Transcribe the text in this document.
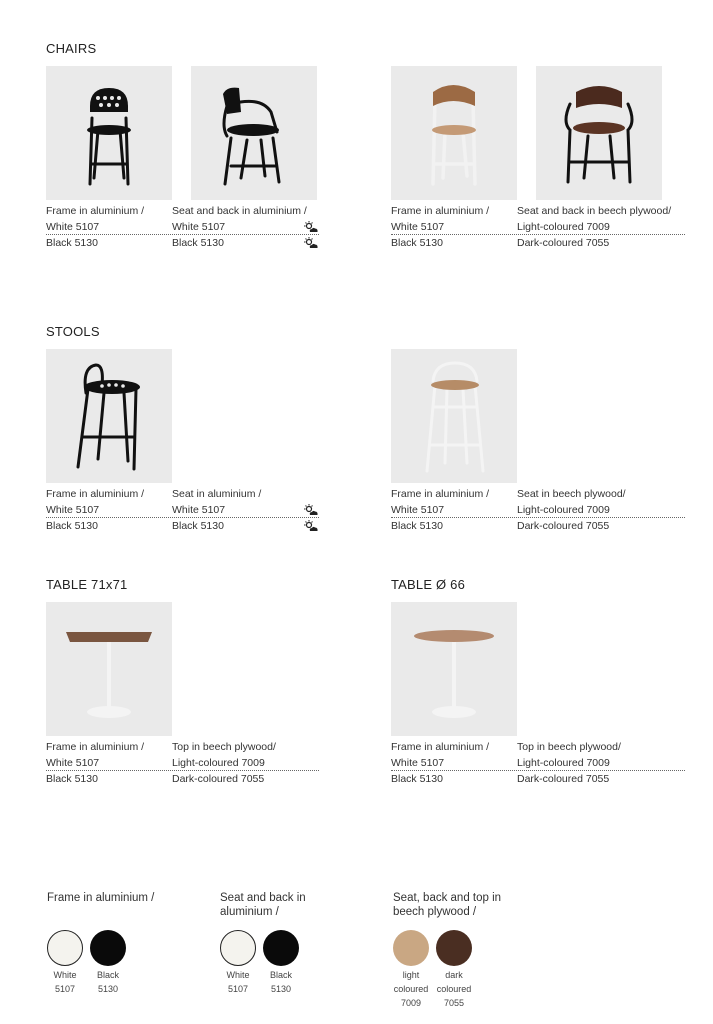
CHAIRS
Frame in aluminium /
White 5107
Black 5130
Seat and back in aluminium /
White 5107
Black 5130
Frame in aluminium /
White 5107
Black 5130
Seat and back in beech plywood/
Light-coloured 7009
Dark-coloured 7055
STOOLS
Frame in aluminium /
White 5107
Black 5130
Seat in aluminium /
White 5107
Black 5130
Frame in aluminium /
White 5107
Black 5130
Seat in beech plywood/
Light-coloured 7009
Dark-coloured 7055
TABLE 71x71	TABLE Ø 66
Frame in aluminium /
White 5107
Black 5130
Top in beech plywood/
Light-coloured 7009
Dark-coloured 7055
Frame in aluminium /
White 5107
Black 5130
Top in beech plywood/
Light-coloured 7009
Dark-coloured 7055
Frame in aluminium /	Seat and back in
aluminium /
Seat, back and top in
beech plywood /
White
5107
Black
5130
White
5107
Black
5130
light
coloured
7009
dark
coloured
7055
